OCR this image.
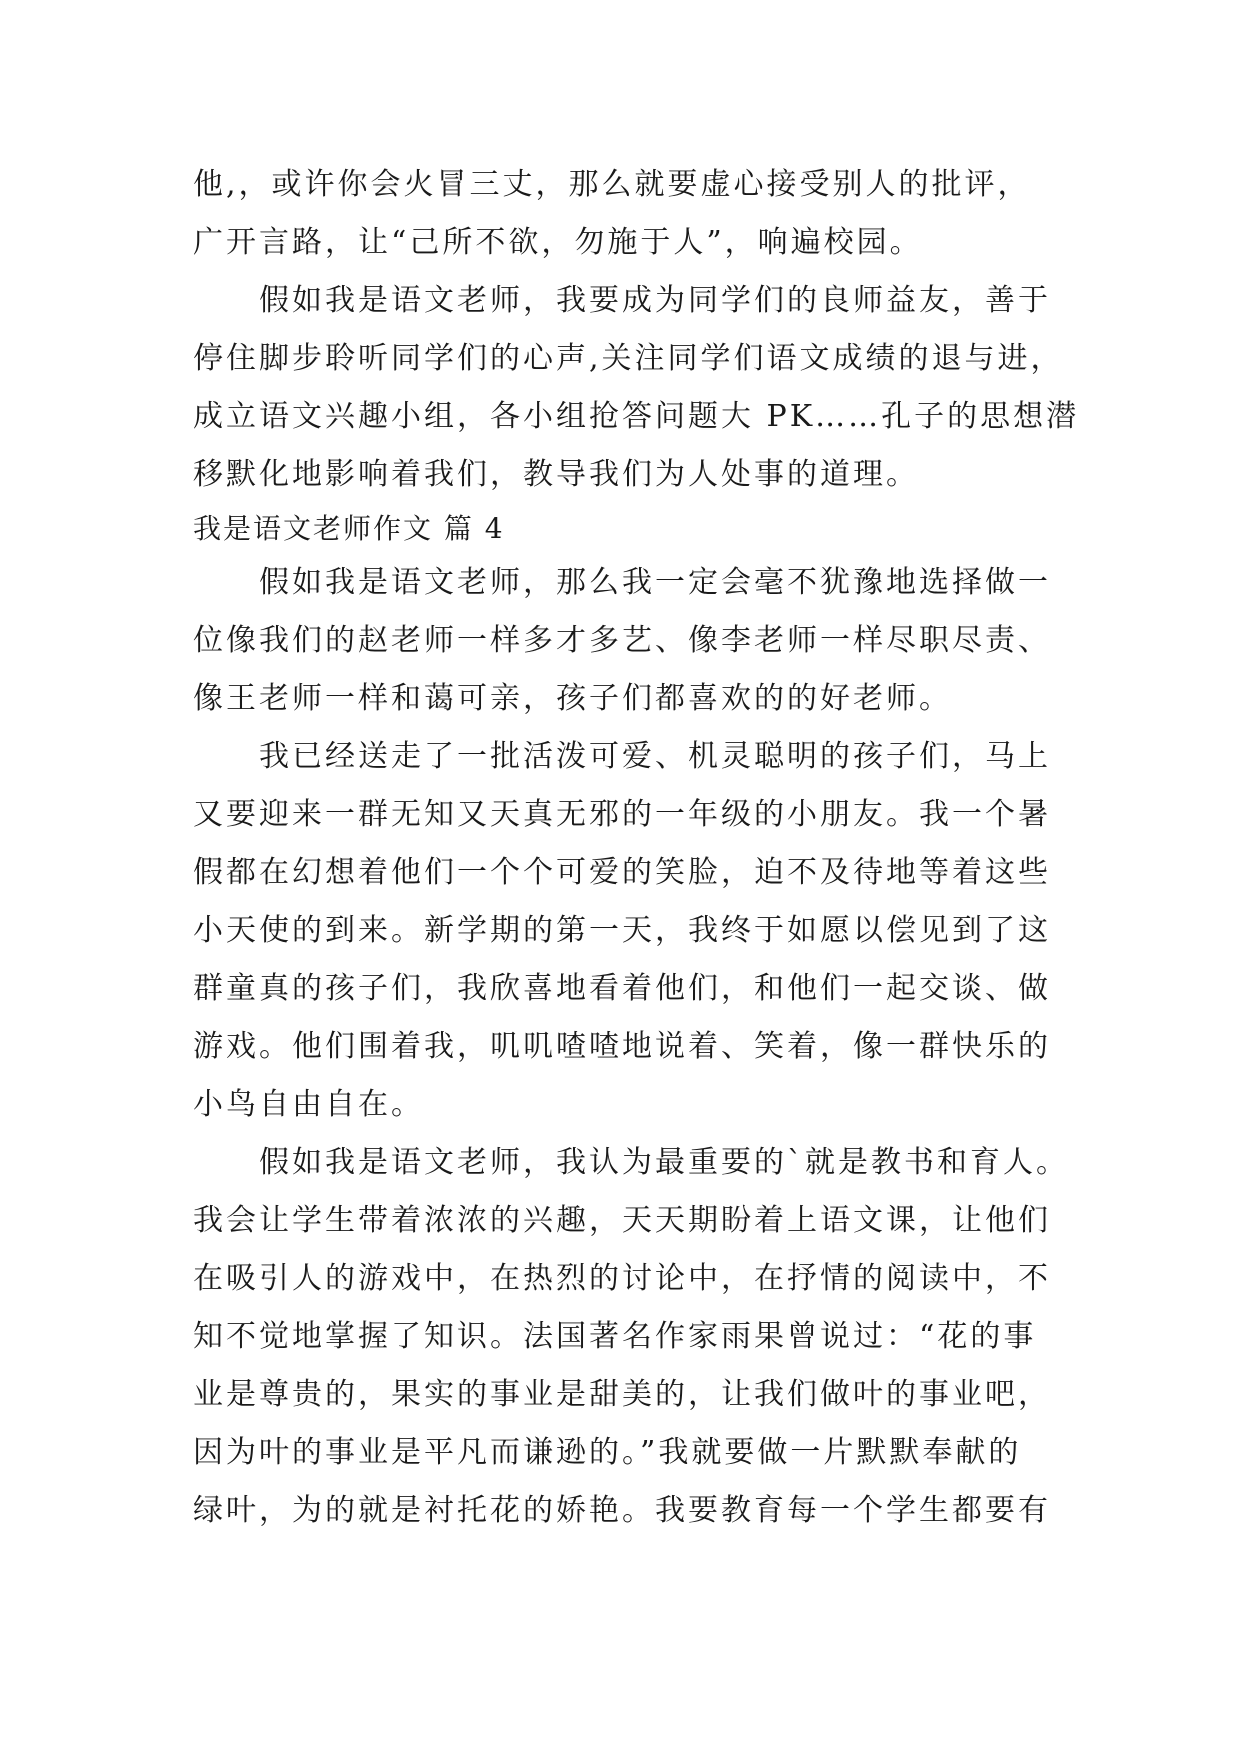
他,，或许你会火冒三丈，那么就要虚心接受别人的批评，
广开言路，让“己所不欲，勿施于人”，响遍校园。
假如我是语文老师，我要成为同学们的良师益友，善于
停住脚步聆听同学们的心声,关注同学们语文成绩的退与进，
成立语文兴趣小组，各小组抢答问题大 PK……孔子的思想潜
移默化地影响着我们，教导我们为人处事的道理。
我是语文老师作文 篇 4
假如我是语文老师，那么我一定会毫不犹豫地选择做一
位像我们的赵老师一样多才多艺、像李老师一样尽职尽责、
像王老师一样和蔼可亲，孩子们都喜欢的的好老师。
我已经送走了一批活泼可爱、机灵聪明的孩子们，马上
又要迎来一群无知又天真无邪的一年级的小朋友。我一个暑
假都在幻想着他们一个个可爱的笑脸，迫不及待地等着这些
小天使的到来。新学期的第一天，我终于如愿以偿见到了这
群童真的孩子们，我欣喜地看着他们，和他们一起交谈、做
游戏。他们围着我，叽叽喳喳地说着、笑着，像一群快乐的
小鸟自由自在。
假如我是语文老师，我认为最重要的`就是教书和育人。
我会让学生带着浓浓的兴趣，天天期盼着上语文课，让他们
在吸引人的游戏中，在热烈的讨论中，在抒情的阅读中，不
知不觉地掌握了知识。法国著名作家雨果曾说过：“花的事
业是尊贵的，果实的事业是甜美的，让我们做叶的事业吧，
因为叶的事业是平凡而谦逊的。”我就要做一片默默奉献的
绿叶，为的就是衬托花的娇艳。我要教育每一个学生都要有
